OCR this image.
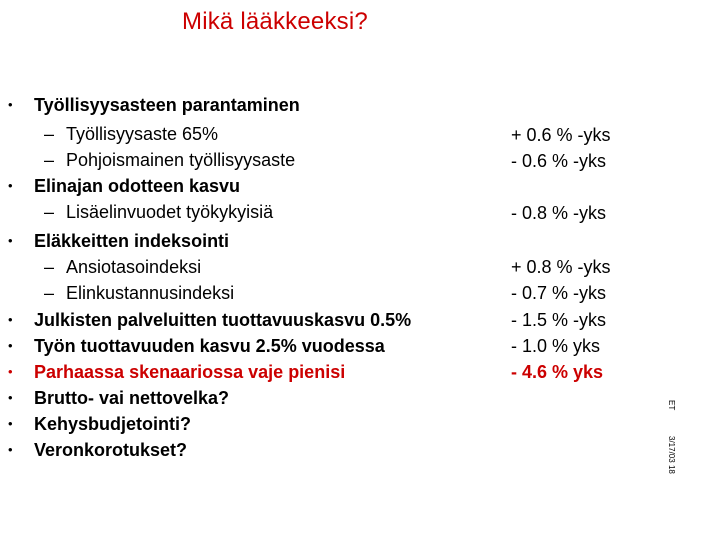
Mikä lääkkeeksi?
• Työllisyysasteen parantaminen
– Työllisyysaste 65%
– Pohjoismainen työllisyysaste
• Elinajan odotteen kasvu
– Lisäelinvuodet työkykyisiä
• Eläkkeitten indeksointi
– Ansiotasoindeksi
– Elinkustannusindeksi
• Julkisten palveluitten tuottavuuskasvu 0.5%
• Työn tuottavuuden kasvu 2.5% vuodessa
• Parhaassa skenaariossa vaje pienisi
• Brutto- vai nettovelka?
• Kehysbudjetointi?
• Veronkorotukset?
+ 0.6 % -yks
- 0.6 % -yks
- 0.8 % -yks
+ 0.8 % -yks
- 0.7 % -yks
- 1.5 % -yks
- 1.0 % yks
- 4.6 % yks
ET
3/17/03 18
